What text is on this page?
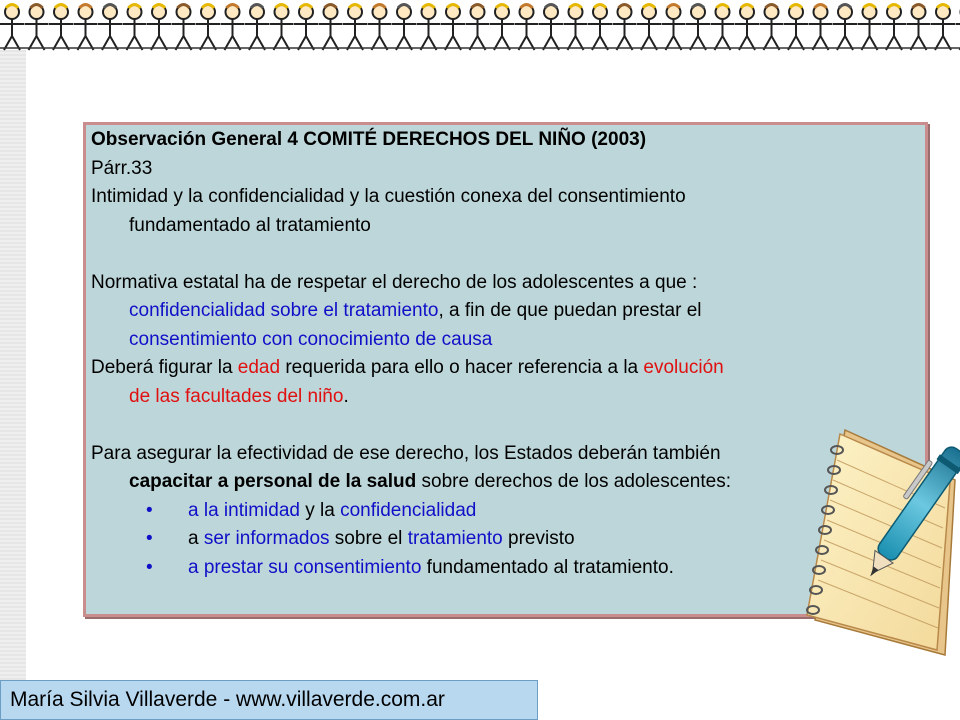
Observación General 4 COMITÉ DERECHOS DEL NIÑO (2003)

Párr.33

Intimidad y la confidencialidad y la cuestión conexa del consentimiento

fundamentado al tratamiento

Normativa estatal ha de respetar el derecho de los adolescentes a que :

confidencialidad sobre el tratamiento, a fin de que puedan prestar el

consentimiento con conocimiento de causa

Deberá figurar la edad requerida para ello o hacer referencia a la evolución

de las facultades del niño.

Para asegurar la efectividad de ese derecho, los Estados deberán también

capacitar a personal de la salud sobre derechos de los adolescentes:

• a la intimidad y la confidencialidad

• a ser informados sobre el tratamiento previsto

• a prestar su consentimiento fundamentado al tratamiento.

María Silvia Villaverde - www.villaverde.com.ar
